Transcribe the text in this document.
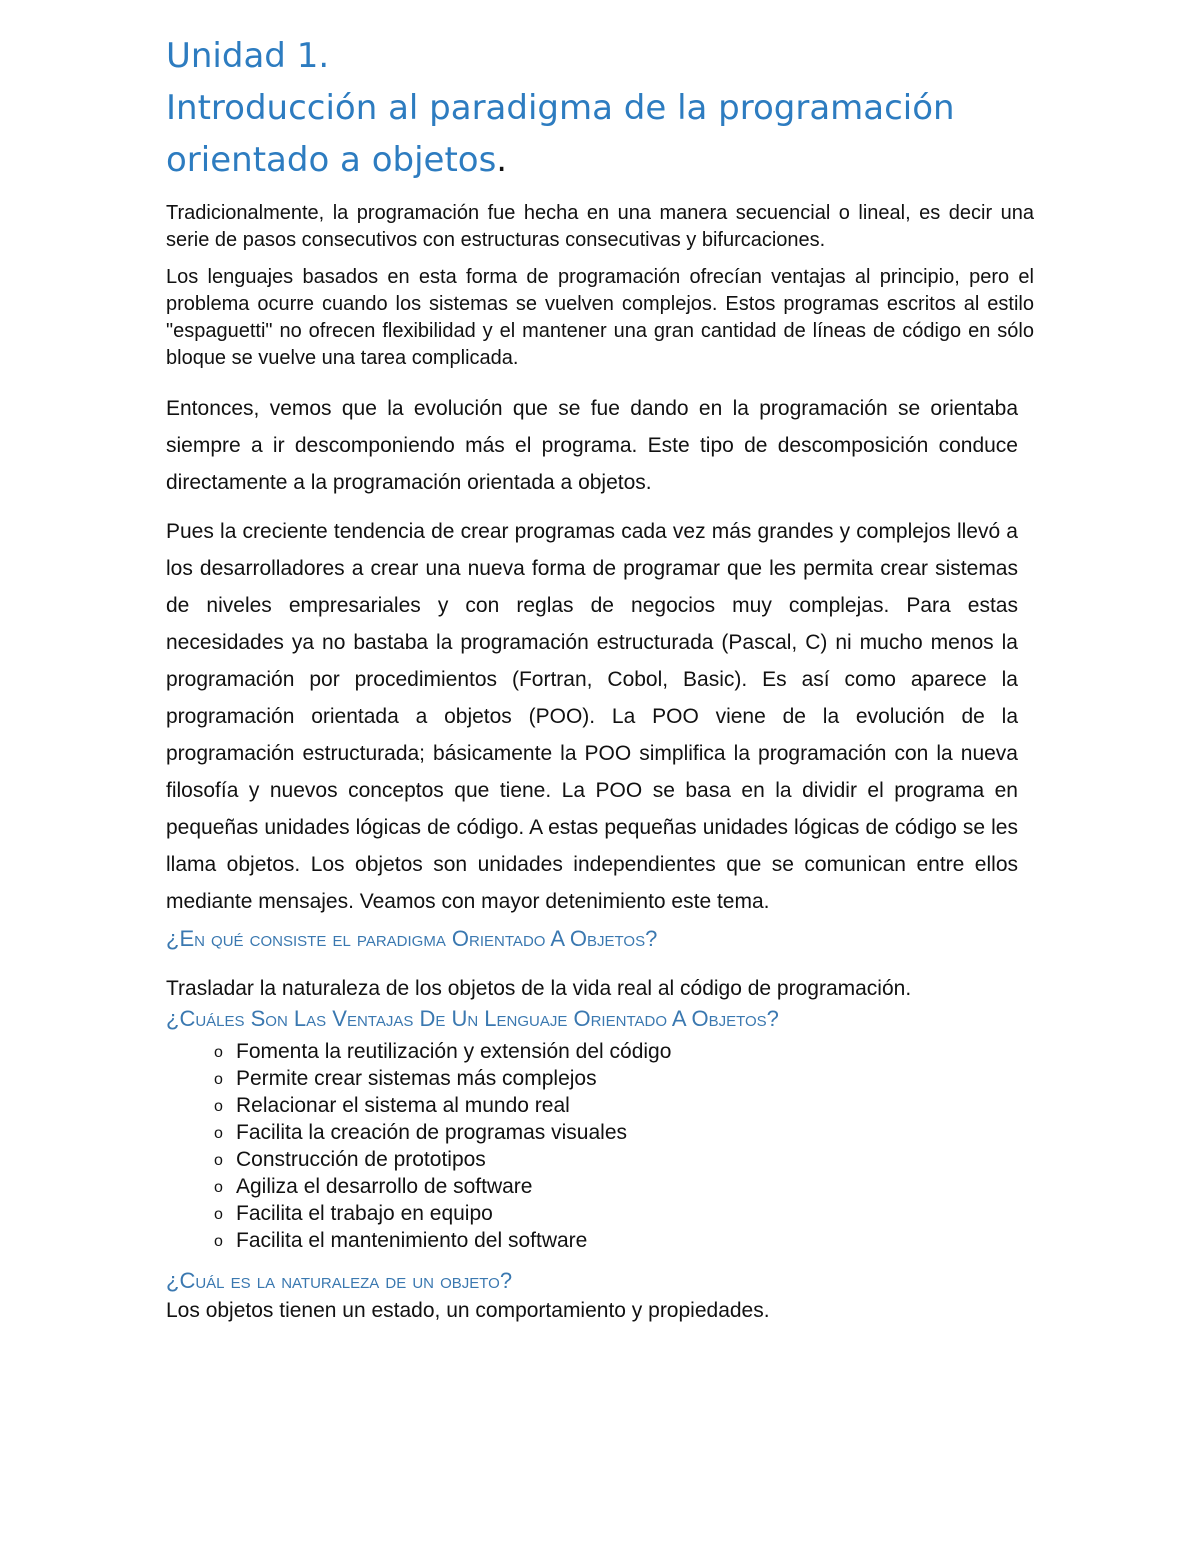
Unidad 1.
Introducción al paradigma de la programación orientado a objetos.

Tradicionalmente, la programación fue hecha en una manera secuencial o lineal, es decir una serie de pasos consecutivos con estructuras consecutivas y bifurcaciones.

Los lenguajes basados en esta forma de programación ofrecían ventajas al principio, pero el problema ocurre cuando los sistemas se vuelven complejos. Estos programas escritos al estilo "espaguetti" no ofrecen flexibilidad y el mantener una gran cantidad de líneas de código en sólo bloque se vuelve una tarea complicada.

Entonces, vemos que la evolución que se fue dando en la programación se orientaba siempre a ir descomponiendo más el programa. Este tipo de descomposición conduce directamente a la programación orientada a objetos.

Pues la creciente tendencia de crear programas cada vez más grandes y complejos llevó a los desarrolladores a crear una nueva forma de programar que les permita crear sistemas de niveles empresariales y con reglas de negocios muy complejas. Para estas necesidades ya no bastaba la programación estructurada (Pascal, C) ni mucho menos la programación por procedimientos (Fortran, Cobol, Basic). Es así como aparece la programación orientada a objetos (POO). La POO viene de la evolución de la programación estructurada; básicamente la POO simplifica la programación con la nueva filosofía y nuevos conceptos que tiene. La POO se basa en la dividir el programa en pequeñas unidades lógicas de código. A estas pequeñas unidades lógicas de código se les llama objetos. Los objetos son unidades independientes que se comunican entre ellos mediante mensajes. Veamos con mayor detenimiento este tema.

¿En qué consiste el paradigma Orientado A Objetos?

Trasladar la naturaleza de los objetos de la vida real al código de programación.

¿Cuáles Son Las Ventajas De Un Lenguaje Orientado A Objetos?
o Fomenta la reutilización y extensión del código
o Permite crear sistemas más complejos
o Relacionar el sistema al mundo real
o Facilita la creación de programas visuales
o Construcción de prototipos
o Agiliza el desarrollo de software
o Facilita el trabajo en equipo
o Facilita el mantenimiento del software
¿Cuál es la naturaleza de un objeto?

Los objetos tienen un estado, un comportamiento y propiedades.
